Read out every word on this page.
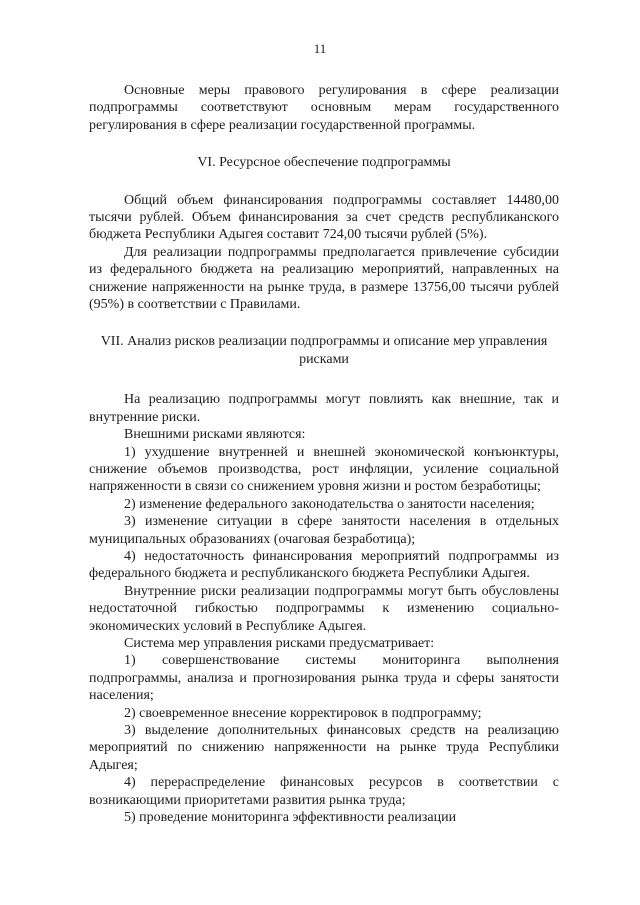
11

Основные меры правового регулирования в сфере реализации подпрограммы соответствуют основным мерам государственного регулирования в сфере реализации государственной программы.

VI. Ресурсное обеспечение подпрограммы

Общий объем финансирования подпрограммы составляет 14480,00 тысячи рублей. Объем финансирования за счет средств республиканского бюджета Республики Адыгея составит 724,00 тысячи рублей (5%).

Для реализации подпрограммы предполагается привлечение субсидии из федерального бюджета на реализацию мероприятий, направленных на снижение напряженности на рынке труда, в размере 13756,00 тысячи рублей (95%) в соответствии с Правилами.

VII. Анализ рисков реализации подпрограммы и описание мер управления рисками

На реализацию подпрограммы могут повлиять как внешние, так и внутренние риски.

Внешними рисками являются:

1) ухудшение внутренней и внешней экономической конъюнктуры, снижение объемов производства, рост инфляции, усиление социальной напряженности в связи со снижением уровня жизни и ростом безработицы;

2) изменение федерального законодательства о занятости населения;

3) изменение ситуации в сфере занятости населения в отдельных муниципальных образованиях (очаговая безработица);

4) недостаточность финансирования мероприятий подпрограммы из федерального бюджета и республиканского бюджета Республики Адыгея.

Внутренние риски реализации подпрограммы могут быть обусловлены недостаточной гибкостью подпрограммы к изменению социально-экономических условий в Республике Адыгея.

Система мер управления рисками предусматривает:

1) совершенствование системы мониторинга выполнения подпрограммы, анализа и прогнозирования рынка труда и сферы занятости населения;

2) своевременное внесение корректировок в подпрограмму;

3) выделение дополнительных финансовых средств на реализацию мероприятий по снижению напряженности на рынке труда Республики Адыгея;

4) перераспределение финансовых ресурсов в соответствии с возникающими приоритетами развития рынка труда;

5) проведение мониторинга эффективности реализации
